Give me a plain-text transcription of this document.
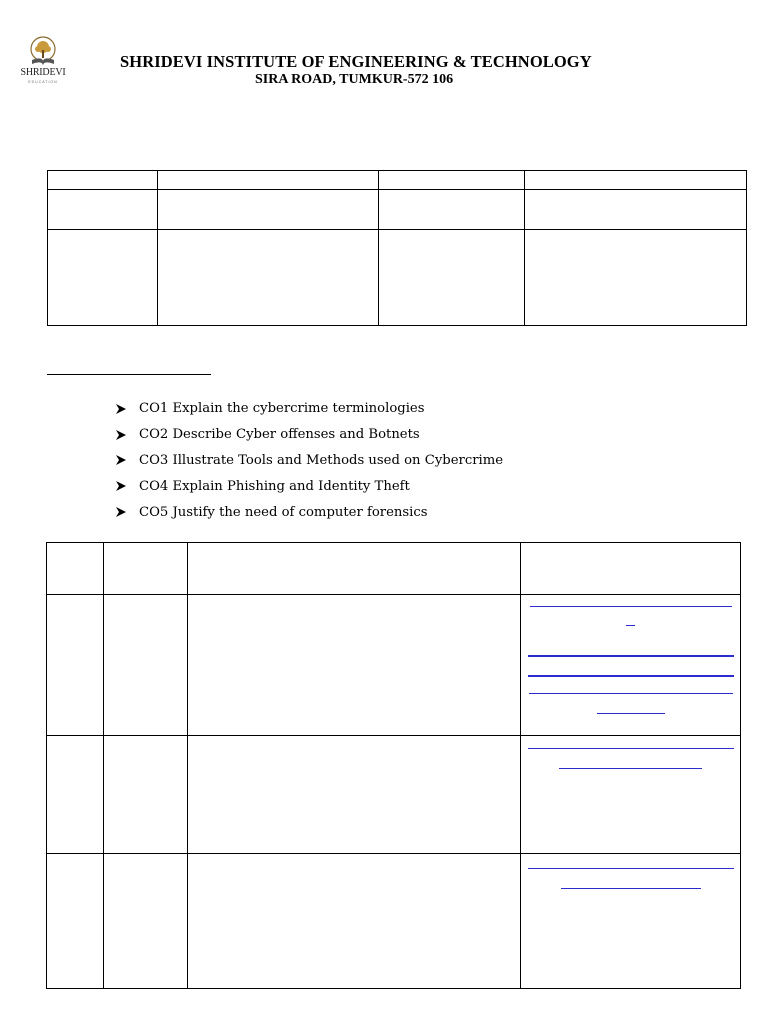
SHRIDEVI
EDUCATION
SHRIDEVI INSTITUTE OF ENGINEERING & TECHNOLOGY
SIRA ROAD, TUMKUR-572 106

CO1 Explain the cybercrime terminologies
CO2 Describe Cyber offenses and Botnets
CO3 Illustrate Tools and Methods used on Cybercrime
CO4 Explain Phishing and Identity Theft
CO5 Justify the need of computer forensics
